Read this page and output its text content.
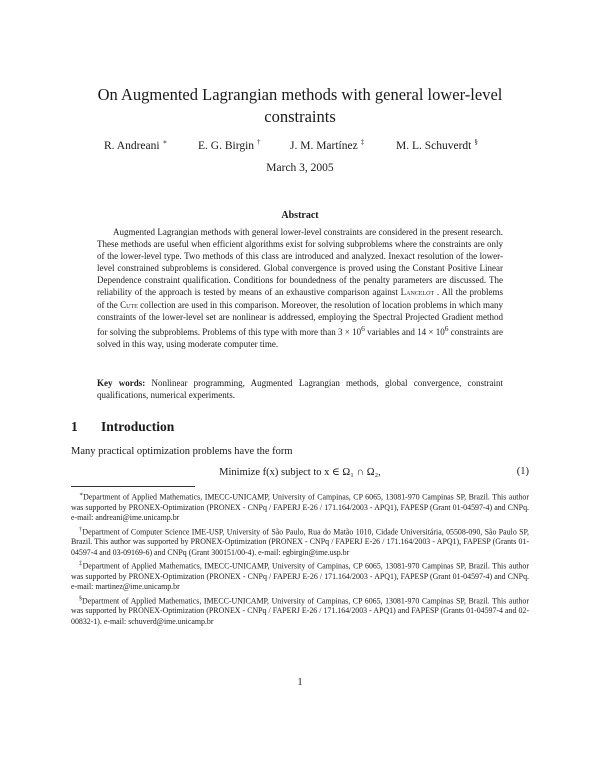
On Augmented Lagrangian methods with general lower-level constraints
R. Andreani ∗	E. G. Birgin †	J. M. Martínez ‡	M. L. Schuverdt §
March 3, 2005
Abstract
Augmented Lagrangian methods with general lower-level constraints are considered in the present research. These methods are useful when efficient algorithms exist for solving subproblems where the constraints are only of the lower-level type. Two methods of this class are introduced and analyzed. Inexact resolution of the lower-level constrained subproblems is considered. Global convergence is proved using the Constant Positive Linear Dependence constraint qualification. Conditions for boundedness of the penalty parameters are discussed. The reliability of the approach is tested by means of an exhaustive comparison against Lancelot . All the problems of the Cute collection are used in this comparison. Moreover, the resolution of location problems in which many constraints of the lower-level set are nonlinear is addressed, employing the Spectral Projected Gradient method for solving the subproblems. Problems of this type with more than $3 \times 10^6$ variables and $14 \times 10^6$ constraints are solved in this way, using moderate computer time.
Key words: Nonlinear programming, Augmented Lagrangian methods, global convergence, constraint qualifications, numerical experiments.
1 Introduction
Many practical optimization problems have the form
Minimize f(x) subject to x ∈ Ω₁ ∩ Ω₂,	(1)
∗Department of Applied Mathematics, IMECC-UNICAMP, University of Campinas, CP 6065, 13081-970 Campinas SP, Brazil. This author was supported by PRONEX-Optimization (PRONEX - CNPq / FAPERJ E-26 / 171.164/2003 - APQ1), FAPESP (Grant 01-04597-4) and CNPq. e-mail: andreani@ime.unicamp.br
†Department of Computer Science IME-USP, University of São Paulo, Rua do Matão 1010, Cidade Universitária, 05508-090, São Paulo SP, Brazil. This author was supported by PRONEX-Optimization (PRONEX - CNPq / FAPERJ E-26 / 171.164/2003 - APQ1), FAPESP (Grants 01-04597-4 and 03-09169-6) and CNPq (Grant 300151/00-4). e-mail: egbirgin@ime.usp.br
‡Department of Applied Mathematics, IMECC-UNICAMP, University of Campinas, CP 6065, 13081-970 Campinas SP, Brazil. This author was supported by PRONEX-Optimization (PRONEX - CNPq / FAPERJ E-26 / 171.164/2003 - APQ1), FAPESP (Grant 01-04597-4) and CNPq. e-mail: martinez@ime.unicamp.br
§Department of Applied Mathematics, IMECC-UNICAMP, University of Campinas, CP 6065, 13081-970 Campinas SP, Brazil. This author was supported by PRONEX-Optimization (PRONEX - CNPq / FAPERJ E-26 / 171.164/2003 - APQ1) and FAPESP (Grants 01-04597-4 and 02-00832-1). e-mail: schuverd@ime.unicamp.br
1
